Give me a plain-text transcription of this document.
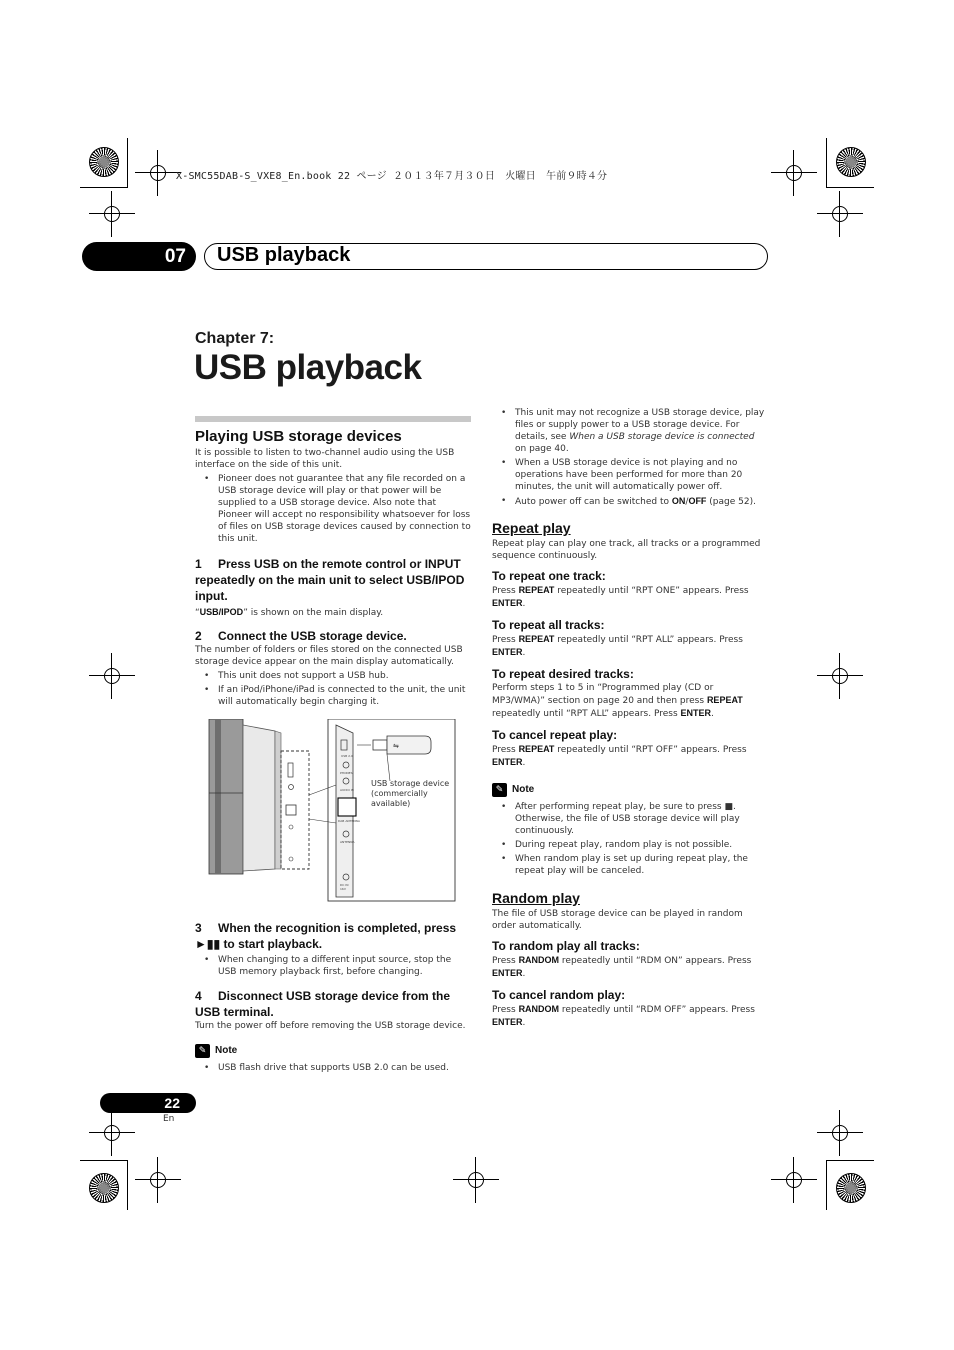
X-SMC55DAB-S_VXE8_En.book 22 ページ ２０１３年７月３０日　火曜日　午前９時４分
07	USB playback
Chapter 7:
USB playback
Playing USB storage devices

It is possible to listen to two-channel audio using the USB interface on the side of this unit.

• Pioneer does not guarantee that any file recorded on a USB storage device will play or that power will be supplied to a USB storage device. Also note that Pioneer will accept no responsibility whatsoever for loss of files on USB storage devices caused by connection to this unit.

1 Press USB on the remote control or INPUT repeatedly on the main unit to select USB/IPOD input.

“USB/IPOD” is shown on the main display.

2 Connect the USB storage device.

The number of folders or files stored on the connected USB storage device appear on the main display automatically.

• This unit does not support a USB hub.
• If an iPod/iPhone/iPad is connected to the unit, the unit will automatically begin charging it.
USB 2.0
PHONES
AUDIO IN
DAB ANTENNA
ANTENNA
DC IN
16V
⇋
USB storage device (commercially available)

3 When the recognition is completed, press
►▮▮ to start playback.

• When changing to a different input source, stop the USB memory playback first, before changing.

4 Disconnect USB storage device from the USB terminal.

Turn the power off before removing the USB storage device.

✎ Note
• USB flash drive that supports USB 2.0 can be used.
• This unit may not recognize a USB storage device, play files or supply power to a USB storage device. For details, see When a USB storage device is connected on page 40.
• When a USB storage device is not playing and no operations have been performed for more than 20 minutes, the unit will automatically power off.
• Auto power off can be switched to ON/OFF (page 52).
Repeat play

Repeat play can play one track, all tracks or a programmed sequence continuously.

To repeat one track:

Press REPEAT repeatedly until “RPT ONE” appears. Press ENTER.

To repeat all tracks:

Press REPEAT repeatedly until “RPT ALL” appears. Press ENTER.

To repeat desired tracks:

Perform steps 1 to 5 in “Programmed play (CD or MP3/WMA)” section on page 20 and then press REPEAT repeatedly until “RPT ALL” appears. Press ENTER.

To cancel repeat play:

Press REPEAT repeatedly until “RPT OFF” appears. Press ENTER.

✎ Note
• After performing repeat play, be sure to press ■. Otherwise, the file of USB storage device will play continuously.
• During repeat play, random play is not possible.
• When random play is set up during repeat play, the repeat play will be canceled.
Random play

The file of USB storage device can be played in random order automatically.

To random play all tracks:

Press RANDOM repeatedly until “RDM ON” appears. Press ENTER.

To cancel random play:

Press RANDOM repeatedly until “RDM OFF” appears. Press ENTER.

22
En
